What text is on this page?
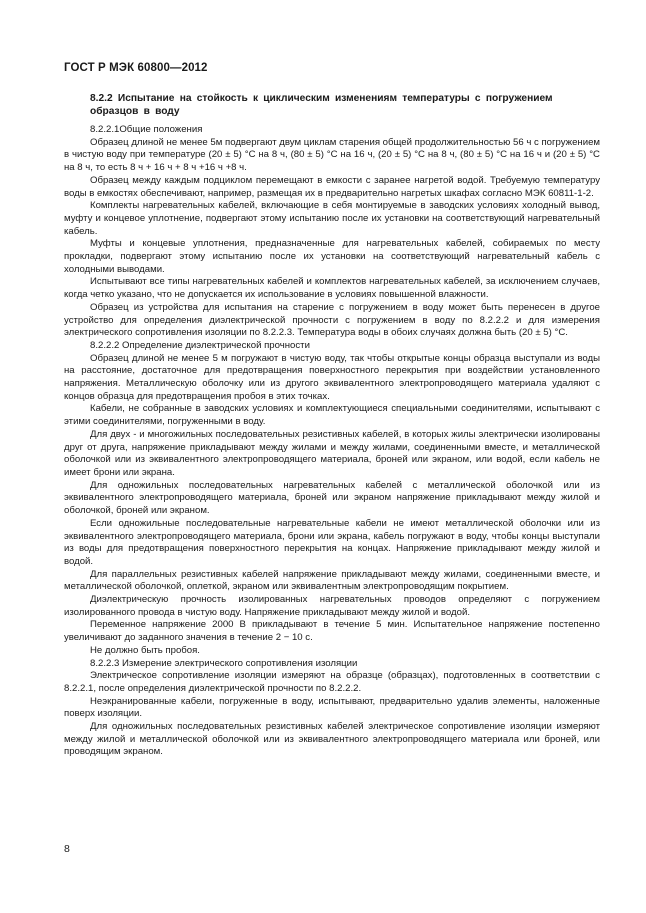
ГОСТ Р МЭК 60800—2012

8.2.2 Испытание на стойкость к циклическим изменениям температуры с погружением образцов в воду

8.2.2.1Общие положения

Образец длиной не менее 5м подвергают двум циклам старения общей продолжительностью 56 ч с погружением в чистую воду при температуре (20 ± 5) °С на 8 ч, (80 ± 5) °С на 16 ч, (20 ± 5) °С на 8 ч, (80 ± 5) °С на 16 ч и (20 ± 5) °С на 8 ч, то есть 8 ч + 16 ч + 8 ч +16 ч +8 ч.

Образец между каждым подциклом перемещают в емкости с заранее нагретой водой. Требуемую температуру воды в емкостях обеспечивают, например, размещая их в предварительно нагретых шкафах согласно МЭК 60811-1-2.

Комплекты нагревательных кабелей, включающие в себя монтируемые в заводских условиях холодный вывод, муфту и концевое уплотнение, подвергают этому испытанию после их установки на соответствующий нагревательный кабель.

Муфты и концевые уплотнения, предназначенные для нагревательных кабелей, собираемых по месту прокладки, подвергают этому испытанию после их установки на соответствующий нагревательный кабель с холодными выводами.

Испытывают все типы нагревательных кабелей и комплектов нагревательных кабелей, за исключением случаев, когда четко указано, что не допускается их использование в условиях повышенной влажности.

Образец из устройства для испытания на старение с погружением в воду может быть перенесен в другое устройство для определения диэлектрической прочности с погружением в воду по 8.2.2.2 и для измерения электрического сопротивления изоляции по 8.2.2.3. Температура воды в обоих случаях должна быть (20 ± 5) °С.

8.2.2.2 Определение диэлектрической прочности

Образец длиной не менее 5 м погружают в чистую воду, так чтобы открытые концы образца выступали из воды на расстояние, достаточное для предотвращения поверхностного перекрытия при воздействии установленного напряжения. Металлическую оболочку или из другого эквивалентного электропроводящего материала удаляют с концов образца для предотвращения пробоя в этих точках.

Кабели, не собранные в заводских условиях и комплектующиеся специальными соединителями, испытывают с этими соединителями, погруженными в воду.

Для двух - и многожильных последовательных резистивных кабелей, в которых жилы электрически изолированы друг от друга, напряжение прикладывают между жилами и между жилами, соединенными вместе, и металлической оболочкой или из эквивалентного электропроводящего материала, броней или экраном, или водой, если кабель не имеет брони или экрана.

Для одножильных последовательных нагревательных кабелей с металлической оболочкой или из эквивалентного электропроводящего материала, броней или экраном напряжение прикладывают между жилой и оболочкой, броней или экраном.

Если одножильные последовательные нагревательные кабели не имеют металлической оболочки или из эквивалентного электропроводящего материала, брони или экрана, кабель погружают в воду, чтобы концы выступали из воды для предотвращения поверхностного перекрытия на концах. Напряжение прикладывают между жилой и водой.

Для параллельных резистивных кабелей напряжение прикладывают между жилами, соединенными вместе, и металлической оболочкой, оплеткой, экраном или эквивалентным электропроводящим покрытием.

Диэлектрическую прочность изолированных нагревательных проводов определяют с погружением изолированного провода в чистую воду. Напряжение прикладывают между жилой и водой.

Переменное напряжение 2000 В прикладывают в течение 5 мин. Испытательное напряжение постепенно увеличивают до заданного значения в течение 2 − 10 с.

Не должно быть пробоя.

8.2.2.3 Измерение электрического сопротивления изоляции

Электрическое сопротивление изоляции измеряют на образце (образцах), подготовленных в соответствии с 8.2.2.1, после определения диэлектрической прочности по 8.2.2.2.

Неэкранированные кабели, погруженные в воду, испытывают, предварительно удалив элементы, наложенные поверх изоляции.

Для одножильных последовательных резистивных кабелей электрическое сопротивление изоляции измеряют между жилой и металлической оболочкой или из эквивалентного электропроводящего материала или броней, или проводящим экраном.

8
